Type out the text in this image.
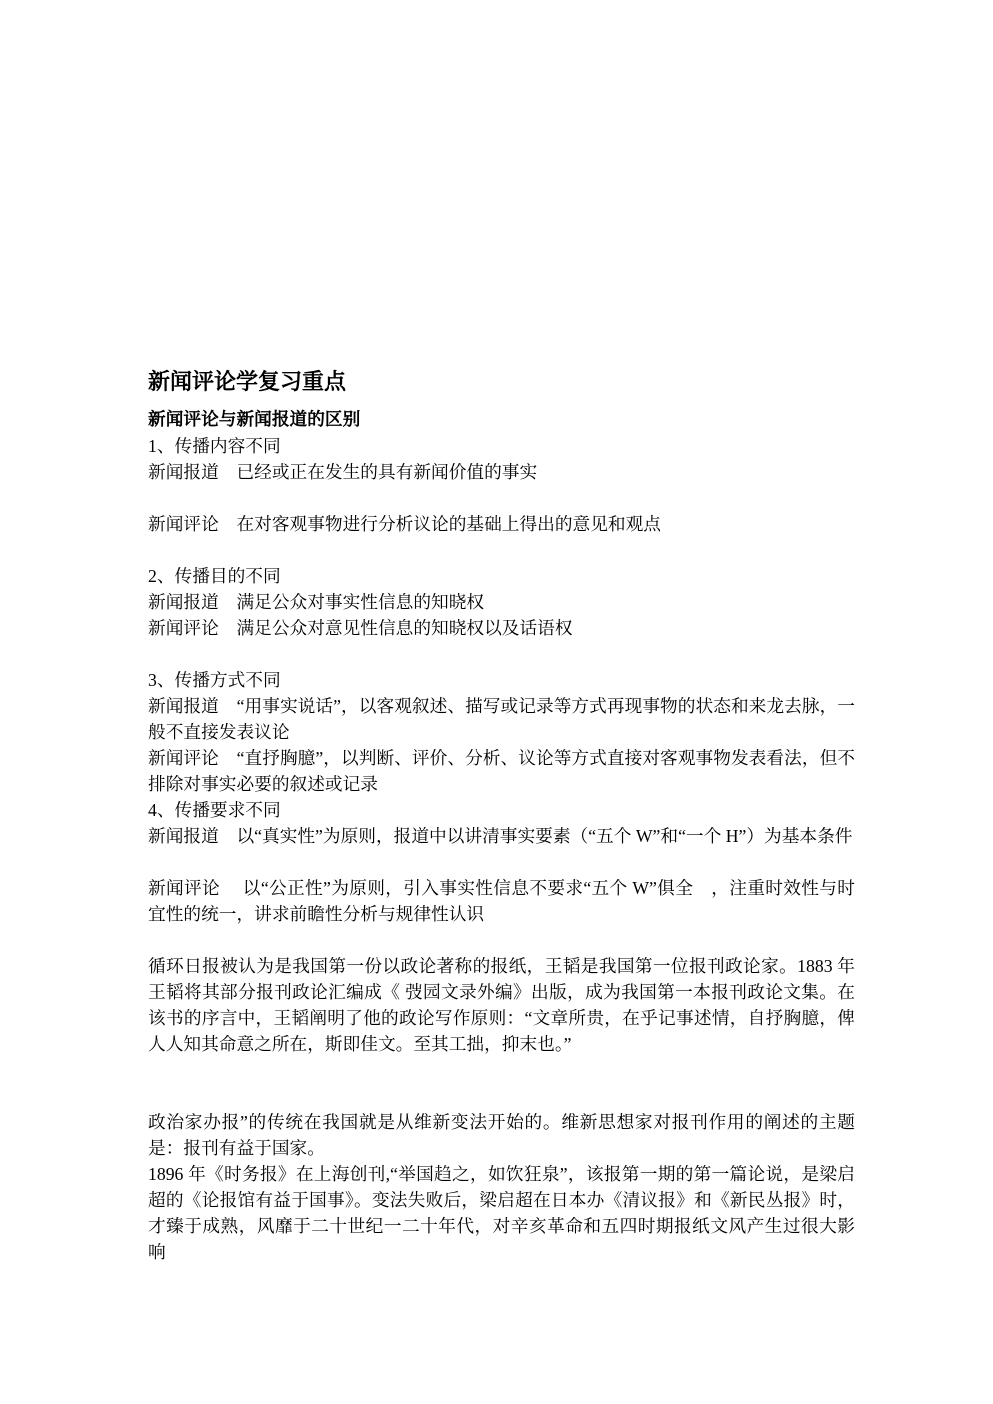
新闻评论学复习重点
新闻评论与新闻报道的区别
1、传播内容不同
新闻报道　已经或正在发生的具有新闻价值的事实
新闻评论　在对客观事物进行分析议论的基础上得出的意见和观点
2、传播目的不同
新闻报道　满足公众对事实性信息的知晓权
新闻评论　满足公众对意见性信息的知晓权以及话语权
3、传播方式不同
新闻报道　“用事实说话”，以客观叙述、描写或记录等方式再现事物的状态和来龙去脉，一般不直接发表议论
新闻评论　“直抒胸臆”，以判断、评价、分析、议论等方式直接对客观事物发表看法，但不排除对事实必要的叙述或记录
4、传播要求不同
新闻报道　以“真实性”为原则，报道中以讲清事实要素（“五个 W”和“一个 H”）为基本条件
新闻评论　 以“公正性”为原则，引入事实性信息不要求“五个 W”俱全　，注重时效性与时宜性的统一，讲求前瞻性分析与规律性认识
循环日报被认为是我国第一份以政论著称的报纸，王韬是我国第一位报刊政论家。1883 年王韬将其部分报刊政论汇编成《 弢园文录外编》出版，成为我国第一本报刊政论文集。在该书的序言中，王韬阐明了他的政论写作原则：“文章所贵，在乎记事述情，自抒胸臆，俾人人知其命意之所在，斯即佳文。至其工拙，抑末也。”
政治家办报”的传统在我国就是从维新变法开始的。维新思想家对报刊作用的阐述的主题是：报刊有益于国家。
1896 年《时务报》在上海创刊,“举国趋之，如饮狂泉”，该报第一期的第一篇论说，是梁启超的《论报馆有益于国事》。变法失败后，梁启超在日本办《清议报》和《新民丛报》时，才臻于成熟，风靡于二十世纪一二十年代，对辛亥革命和五四时期报纸文风产生过很大影响
